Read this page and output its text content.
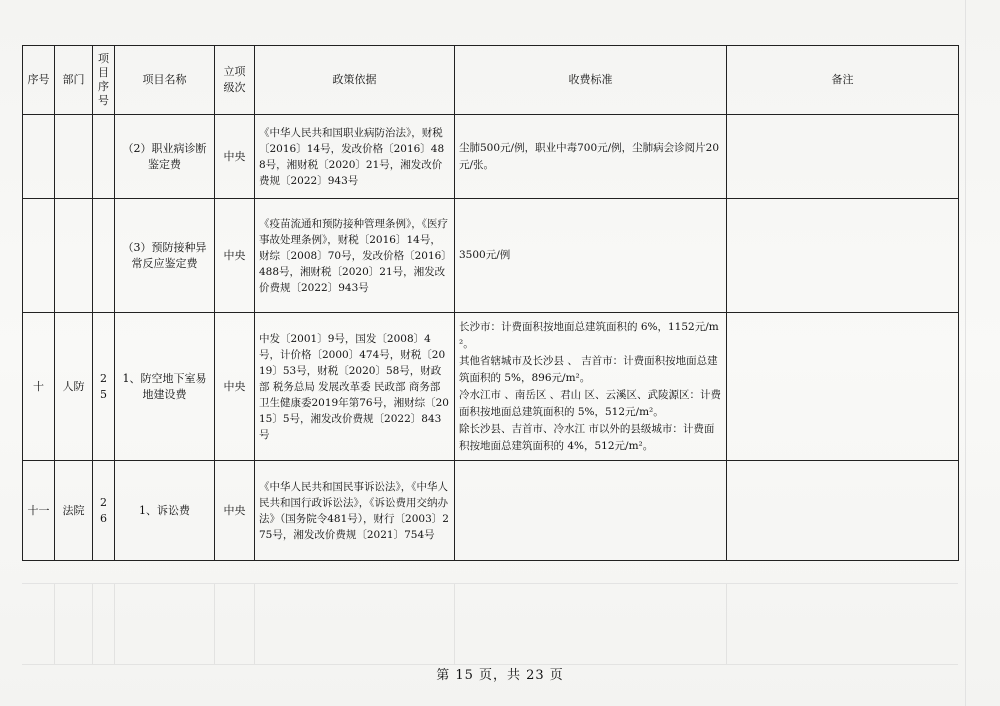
序号	部门	项目序号	项目名称	立项级次	政策依据	收费标准	备注
			（2）职业病诊断鉴定费	中央	《中华人民共和国职业病防治法》，财税〔2016〕14号，发改价格〔2016〕488号，湘财税〔2020〕21号，湘发改价费规〔2022〕943号	尘肺500元/例，职业中毒700元/例，尘肺病会诊阅片20元/张。	
			（3）预防接种异常反应鉴定费	中央	《疫苗流通和预防接种管理条例》，《医疗事故处理条例》，财税〔2016〕14号，财综〔2008〕70号，发改价格〔2016〕488号，湘财税〔2020〕21号，湘发改价费规〔2022〕943号	3500元/例	
十	人防	25	1、防空地下室易地建设费	中央	中发〔2001〕9号，国发〔2008〕4号，计价格〔2000〕474号，财税〔2019〕53号，财税〔2020〕58号，财政部 税务总局 发展改革委 民政部 商务部 卫生健康委2019年第76号，湘财综〔2015〕5号，湘发改价费规〔2022〕843号	长沙市：计费面积按地面总建筑面积的 6%，1152元/m²。
其他省辖城市及长沙县 、 吉首市：计费面积按地面总建筑面积的 5%，896元/m²。
冷水江市 、南岳区 、君山 区、云溪区、武陵源区：计费面积按地面总建筑面积的 5%，512元/m²。
除长沙县、吉首市、冷水江 市以外的县级城市：计费面积按地面总建筑面积的 4%，512元/m²。	

十一	法院	26	1、诉讼费	中央	《中华人民共和国民事诉讼法》，《中华人民共和国行政诉讼法》，《诉讼费用交纳办法》（国务院令481号），财行〔2003〕275号，湘发改价费规〔2021〕754号		
第 15 页，共 23 页
